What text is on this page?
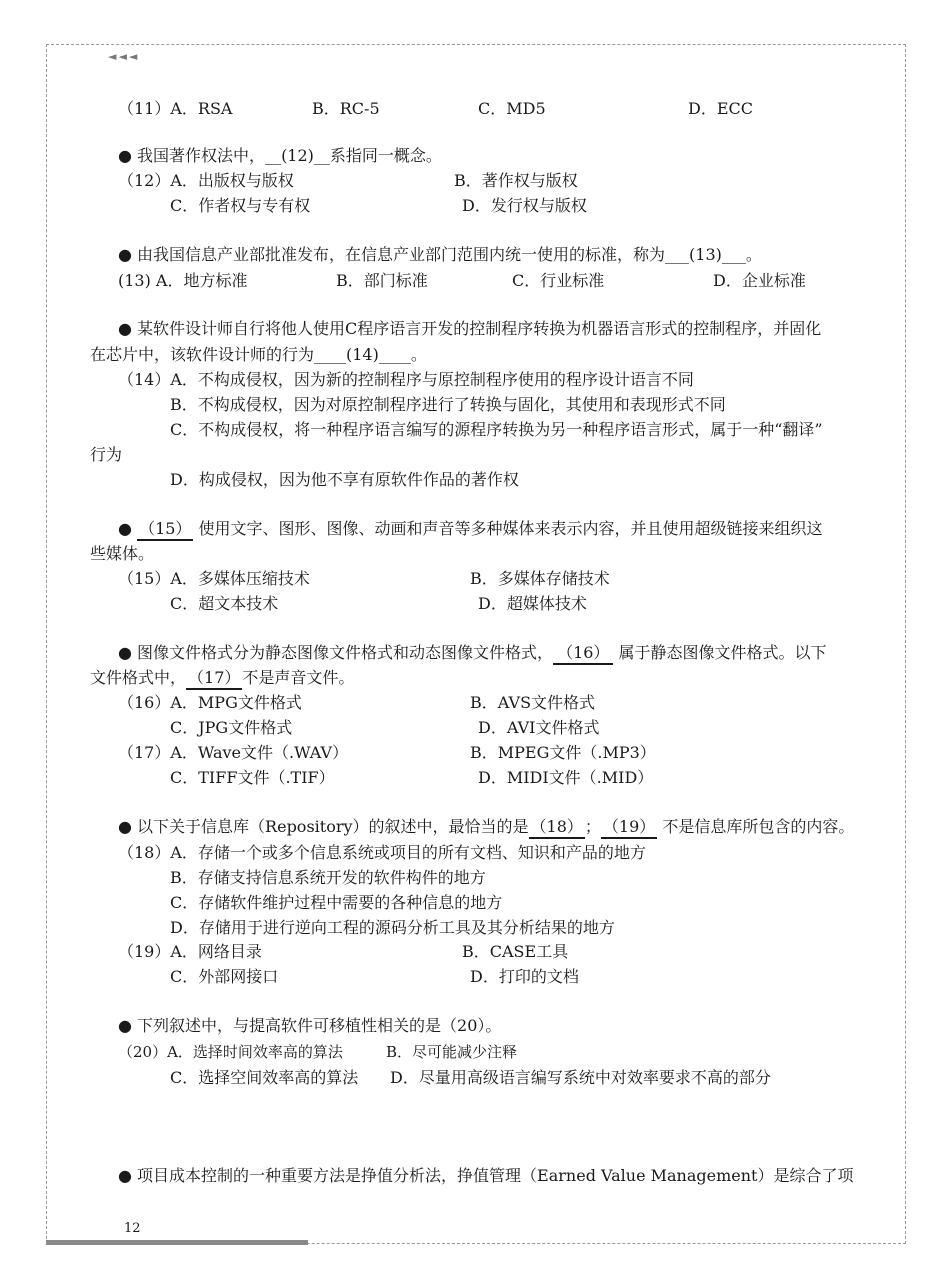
◄◄◄
（11）A．RSA	B．RC-5	C．MD5	D．ECC
● 我国著作权法中，__(12)__系指同一概念。
（12）A．出版权与版权	B．著作权与版权
C．作者权与专有权	D．发行权与版权
● 由我国信息产业部批准发布，在信息产业部门范围内统一使用的标准，称为___(13)___。
(13) A．地方标准	B．部门标准	C．行业标准	D．企业标准
● 某软件设计师自行将他人使用C程序语言开发的控制程序转换为机器语言形式的控制程序，并固化
在芯片中，该软件设计师的行为____(14)____。
（14）A．不构成侵权，因为新的控制程序与原控制程序使用的程序设计语言不同
B．不构成侵权，因为对原控制程序进行了转换与固化，其使用和表现形式不同
C．不构成侵权，将一种程序语言编写的源程序转换为另一种程序语言形式，属于一种“翻译”
行为
D．构成侵权，因为他不享有原软件作品的著作权
● （15） 使用文字、图形、图像、动画和声音等多种媒体来表示内容，并且使用超级链接来组织这
些媒体。
（15）A．多媒体压缩技术	B．多媒体存储技术
C．超文本技术	D．超媒体技术
● 图像文件格式分为静态图像文件格式和动态图像文件格式， （16） 属于静态图像文件格式。以下
文件格式中， （17） 不是声音文件。
（16）A．MPG文件格式	B．AVS文件格式
C．JPG文件格式	D．AVI文件格式
（17）A．Wave文件（.WAV）	B．MPEG文件（.MP3）
C．TIFF文件（.TIF）	D．MIDI文件（.MID）
● 以下关于信息库（Repository）的叙述中，最恰当的是 （18） ； （19） 不是信息库所包含的内容。
（18）A．存储一个或多个信息系统或项目的所有文档、知识和产品的地方
B．存储支持信息系统开发的软件构件的地方
C．存储软件维护过程中需要的各种信息的地方
D．存储用于进行逆向工程的源码分析工具及其分析结果的地方
（19）A．网络目录	B．CASE工具
C．外部网接口	D．打印的文档
● 下列叙述中，与提高软件可移植性相关的是（20）。
（20）A．选择时间效率高的算法	B．尽可能减少注释
C．选择空间效率高的算法 D．尽量用高级语言编写系统中对效率要求不高的部分
● 项目成本控制的一种重要方法是挣值分析法，挣值管理（Earned Value Management）是综合了项
12
